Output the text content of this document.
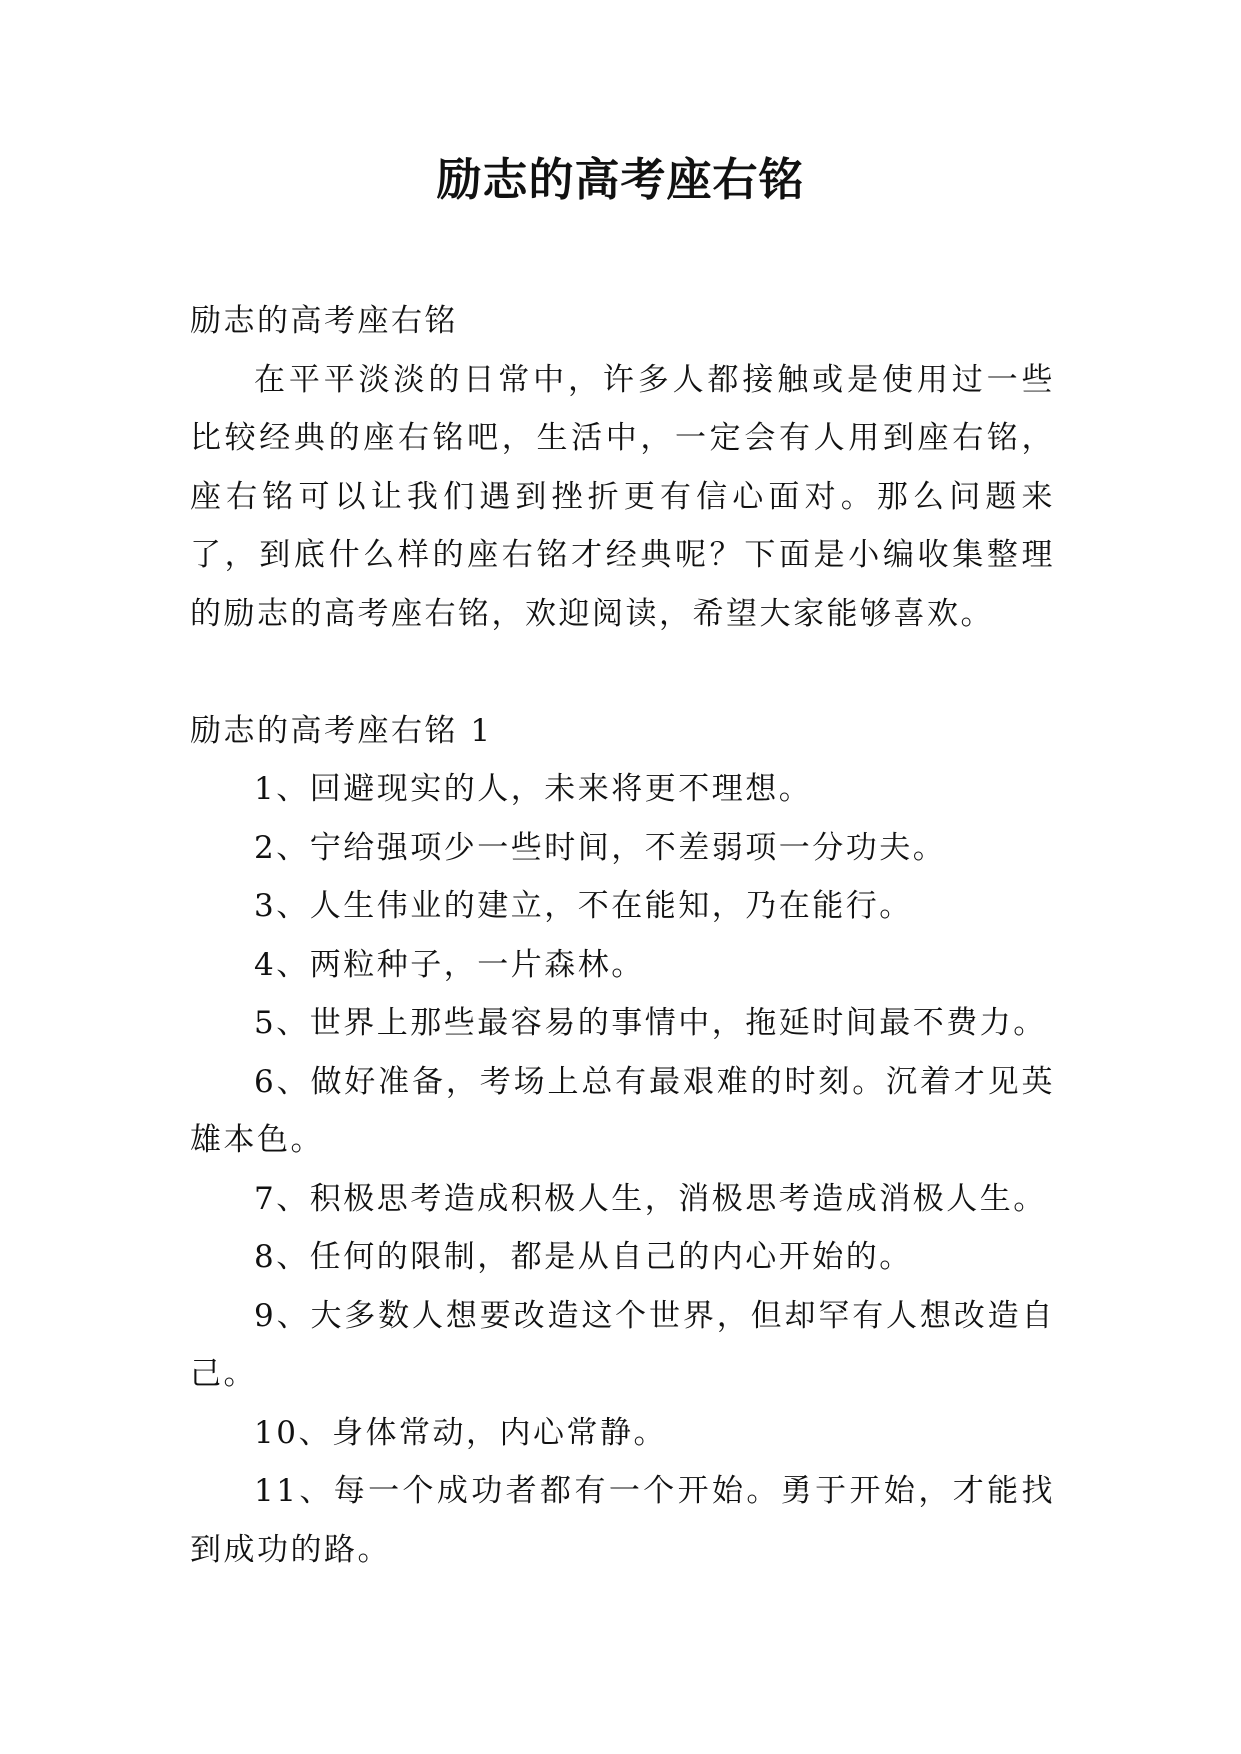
励志的高考座右铭

励志的高考座右铭

在平平淡淡的日常中，许多人都接触或是使用过一些比较经典的座右铭吧，生活中，一定会有人用到座右铭，座右铭可以让我们遇到挫折更有信心面对。那么问题来了，到底什么样的座右铭才经典呢？下面是小编收集整理的励志的高考座右铭，欢迎阅读，希望大家能够喜欢。

励志的高考座右铭 1

1、回避现实的人，未来将更不理想。

2、宁给强项少一些时间，不差弱项一分功夫。

3、人生伟业的建立，不在能知，乃在能行。

4、两粒种子，一片森林。

5、世界上那些最容易的事情中，拖延时间最不费力。

6、做好准备，考场上总有最艰难的时刻。沉着才见英雄本色。

7、积极思考造成积极人生，消极思考造成消极人生。

8、任何的限制，都是从自己的内心开始的。

9、大多数人想要改造这个世界，但却罕有人想改造自己。

10、身体常动，内心常静。

11、每一个成功者都有一个开始。勇于开始，才能找到成功的路。
